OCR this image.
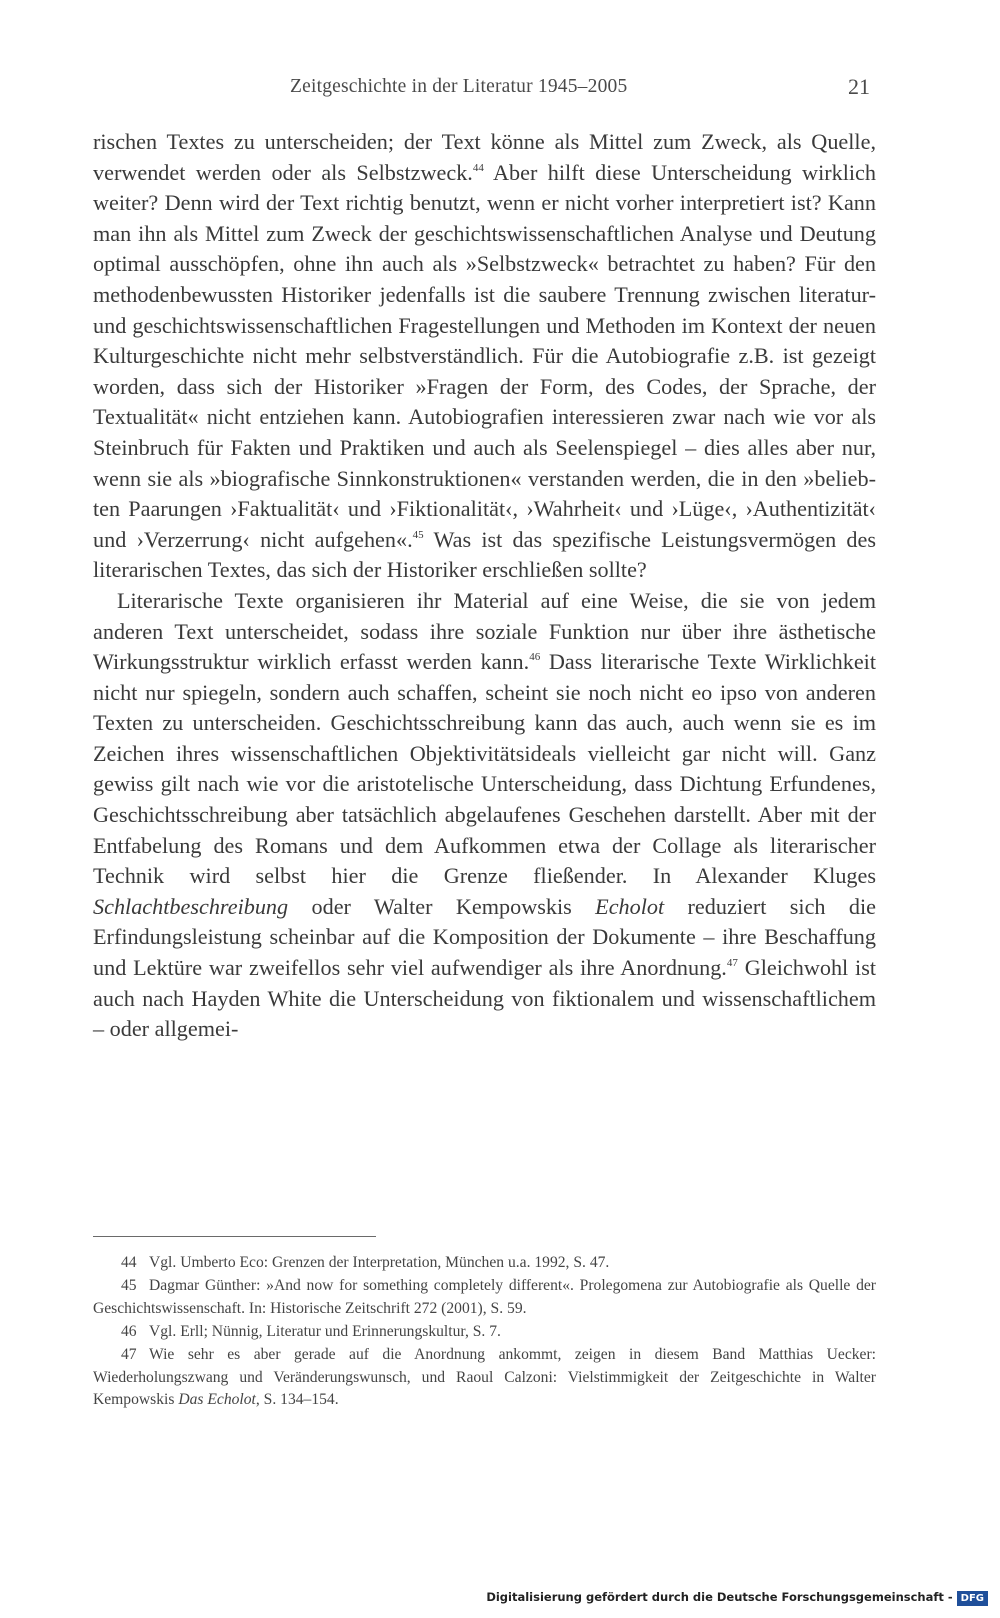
Zeitgeschichte in der Literatur 1945–2005	21

rischen Textes zu unterscheiden; der Text könne als Mittel zum Zweck, als Quelle, verwendet werden oder als Selbstzweck.$^{44}$ Aber hilft diese Unterscheidung wirklich weiter? Denn wird der Text richtig benutzt, wenn er nicht vorher interpretiert ist? Kann man ihn als Mittel zum Zweck der geschichtswissenschaftlichen Analyse und Deutung optimal ausschöpfen, ohne ihn auch als »Selbstzweck« betrachtet zu haben? Für den methodenbewussten Historiker jedenfalls ist die saubere Trennung zwischen literatur- und geschichtswissenschaftlichen Fragestellungen und Methoden im Kontext der neuen Kulturgeschichte nicht mehr selbstverständlich. Für die Autobiografie z.B. ist gezeigt worden, dass sich der Historiker »Fragen der Form, des Codes, der Sprache, der Textualität« nicht entziehen kann. Autobiografien interessieren zwar nach wie vor als Steinbruch für Fakten und Praktiken und auch als Seelenspiegel – dies alles aber nur, wenn sie als »biografische Sinnkonstruktionen« verstanden werden, die in den »beliebten Paarungen ›Faktualität‹ und ›Fiktionalität‹, ›Wahrheit‹ und ›Lüge‹, ›Authentizität‹ und ›Verzerrung‹ nicht aufgehen«.$^{45}$ Was ist das spezifische Leistungsvermögen des literarischen Textes, das sich der Historiker erschließen sollte?

Literarische Texte organisieren ihr Material auf eine Weise, die sie von jedem anderen Text unterscheidet, sodass ihre soziale Funktion nur über ihre ästhetische Wirkungsstruktur wirklich erfasst werden kann.$^{46}$ Dass literarische Texte Wirklichkeit nicht nur spiegeln, sondern auch schaffen, scheint sie noch nicht eo ipso von anderen Texten zu unterscheiden. Geschichtsschreibung kann das auch, auch wenn sie es im Zeichen ihres wissenschaftlichen Objektivitätsideals vielleicht gar nicht will. Ganz gewiss gilt nach wie vor die aristotelische Unterscheidung, dass Dichtung Erfundenes, Geschichtsschreibung aber tatsächlich abgelaufenes Geschehen darstellt. Aber mit der Entfabelung des Romans und dem Aufkommen etwa der Collage als literarischer Technik wird selbst hier die Grenze fließender. In Alexander Kluges Schlachtbeschreibung oder Walter Kempowskis Echolot reduziert sich die Erfindungsleistung scheinbar auf die Komposition der Dokumente – ihre Beschaffung und Lektüre war zweifellos sehr viel aufwendiger als ihre Anordnung.$^{47}$ Gleichwohl ist auch nach Hayden White die Unterscheidung von fiktionalem und wissenschaftlichem – oder allgemei-

44 Vgl. Umberto Eco: Grenzen der Interpretation, München u.a. 1992, S. 47.
45 Dagmar Günther: »And now for something completely different«. Prolegomena zur Autobiografie als Quelle der Geschichtswissenschaft. In: Historische Zeitschrift 272 (2001), S. 59.
46 Vgl. Erll; Nünnig, Literatur und Erinnerungskultur, S. 7.
47 Wie sehr es aber gerade auf die Anordnung ankommt, zeigen in diesem Band Matthias Uecker: Wiederholungszwang und Veränderungswunsch, und Raoul Calzoni: Vielstimmigkeit der Zeitgeschichte in Walter Kempowskis Das Echolot, S. 134–154.
Digitalisierung gefördert durch die Deutsche Forschungsgemeinschaft - DFG
